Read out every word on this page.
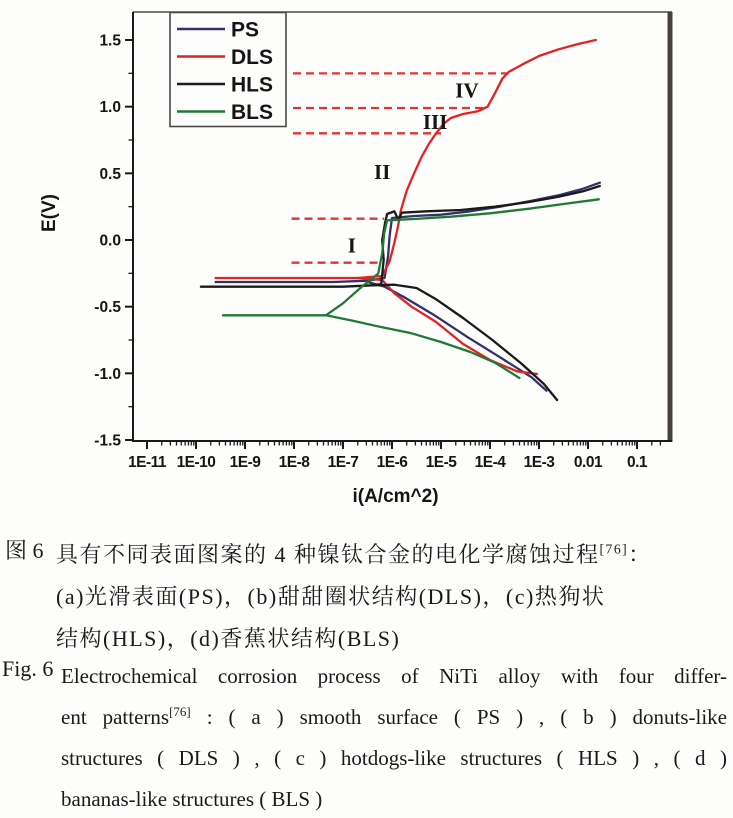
I
II
III
IV
1E-11 1E-10 1E-9 1E-8 1E-7 1E-6 1E-5 1E-4 1E-3 0.01 0.1
1.5
1.0
0.5
0.0
-0.5
-1.0
-1.5
i(A/cm^2)
E(V)
PS
DLS
HLS
BLS
图 6 具有不同表面图案的 4 种镍钛合金的电化学腐蚀过程[76]：
(a)光滑表面(PS)，(b)甜甜圈状结构(DLS)，(c)热狗状
结构(HLS)，(d)香蕉状结构(BLS)
Fig. 6 Electrochemical corrosion process of NiTi alloy with four differ-
ent patterns[76] : ( a ) smooth surface ( PS ) , ( b ) donuts-like
structures ( DLS ) , ( c ) hotdogs-like structures ( HLS ) , ( d )
bananas-like structures ( BLS )
